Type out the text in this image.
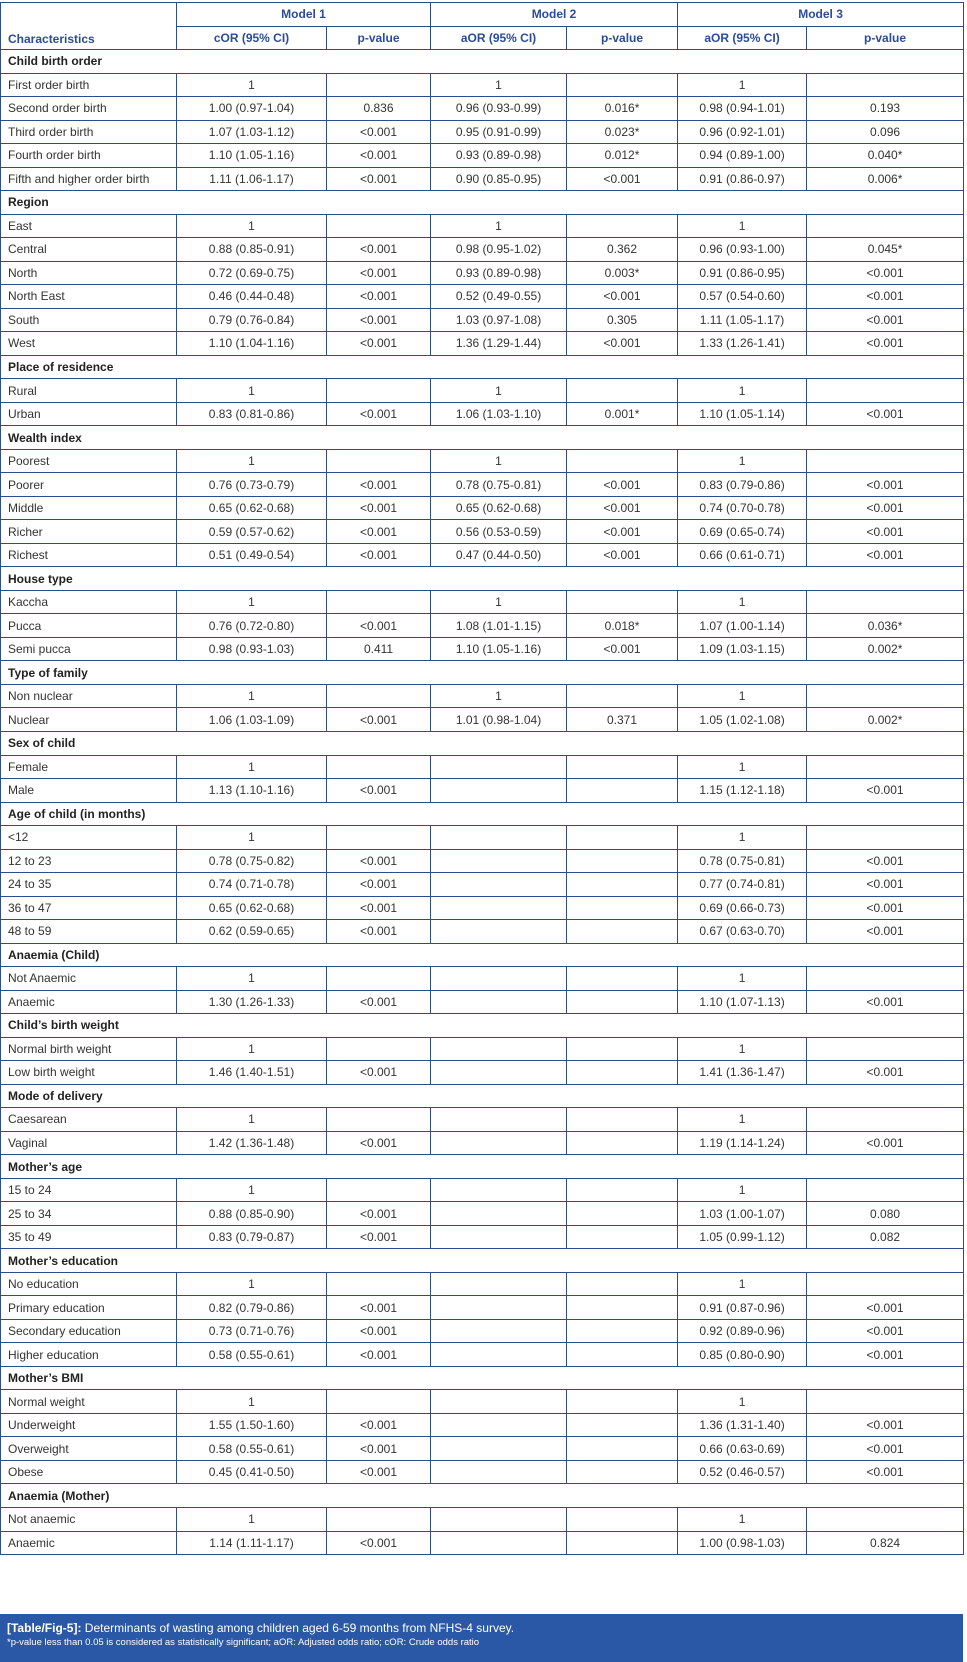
Characteristics	Model 1		Model 2		Model 3	
	cOR (95% CI)	p-value	aOR (95% CI)	p-value	aOR (95% CI)	p-value
Child birth order						
First order birth	1		1		1	
Second order birth	1.00 (0.97-1.04)	0.836	0.96 (0.93-0.99)	0.016*	0.98 (0.94-1.01)	0.193
Third order birth	1.07 (1.03-1.12)	<0.001	0.95 (0.91-0.99)	0.023*	0.96 (0.92-1.01)	0.096
Fourth order birth	1.10 (1.05-1.16)	<0.001	0.93 (0.89-0.98)	0.012*	0.94 (0.89-1.00)	0.040*
Fifth and higher order birth	1.11 (1.06-1.17)	<0.001	0.90 (0.85-0.95)	<0.001	0.91 (0.86-0.97)	0.006*
Region						
East	1		1		1	
Central	0.88 (0.85-0.91)	<0.001	0.98 (0.95-1.02)	0.362	0.96 (0.93-1.00)	0.045*
North	0.72 (0.69-0.75)	<0.001	0.93 (0.89-0.98)	0.003*	0.91 (0.86-0.95)	<0.001
North East	0.46 (0.44-0.48)	<0.001	0.52 (0.49-0.55)	<0.001	0.57 (0.54-0.60)	<0.001
South	0.79 (0.76-0.84)	<0.001	1.03 (0.97-1.08)	0.305	1.11 (1.05-1.17)	<0.001
West	1.10 (1.04-1.16)	<0.001	1.36 (1.29-1.44)	<0.001	1.33 (1.26-1.41)	<0.001
Place of residence						
Rural	1		1		1	
Urban	0.83 (0.81-0.86)	<0.001	1.06 (1.03-1.10)	0.001*	1.10 (1.05-1.14)	<0.001
Wealth index						
Poorest	1		1		1	
Poorer	0.76 (0.73-0.79)	<0.001	0.78 (0.75-0.81)	<0.001	0.83 (0.79-0.86)	<0.001
Middle	0.65 (0.62-0.68)	<0.001	0.65 (0.62-0.68)	<0.001	0.74 (0.70-0.78)	<0.001
Richer	0.59 (0.57-0.62)	<0.001	0.56 (0.53-0.59)	<0.001	0.69 (0.65-0.74)	<0.001
Richest	0.51 (0.49-0.54)	<0.001	0.47 (0.44-0.50)	<0.001	0.66 (0.61-0.71)	<0.001
House type						
Kaccha	1		1		1	
Pucca	0.76 (0.72-0.80)	<0.001	1.08 (1.01-1.15)	0.018*	1.07 (1.00-1.14)	0.036*
Semi pucca	0.98 (0.93-1.03)	0.411	1.10 (1.05-1.16)	<0.001	1.09 (1.03-1.15)	0.002*
Type of family						
Non nuclear	1		1		1	
Nuclear	1.06 (1.03-1.09)	<0.001	1.01 (0.98-1.04)	0.371	1.05 (1.02-1.08)	0.002*
Sex of child						
Female	1				1	
Male	1.13 (1.10-1.16)	<0.001			1.15 (1.12-1.18)	<0.001
Age of child (in months)						
<12	1				1	
12 to 23	0.78 (0.75-0.82)	<0.001			0.78 (0.75-0.81)	<0.001
24 to 35	0.74 (0.71-0.78)	<0.001			0.77 (0.74-0.81)	<0.001
36 to 47	0.65 (0.62-0.68)	<0.001			0.69 (0.66-0.73)	<0.001
48 to 59	0.62 (0.59-0.65)	<0.001			0.67 (0.63-0.70)	<0.001
Anaemia (Child)						
Not Anaemic	1				1	
Anaemic	1.30 (1.26-1.33)	<0.001			1.10 (1.07-1.13)	<0.001
Child’s birth weight						
Normal birth weight	1				1	
Low birth weight	1.46 (1.40-1.51)	<0.001			1.41 (1.36-1.47)	<0.001
Mode of delivery						
Caesarean	1				1	
Vaginal	1.42 (1.36-1.48)	<0.001			1.19 (1.14-1.24)	<0.001
Mother’s age						
15 to 24	1				1	
25 to 34	0.88 (0.85-0.90)	<0.001			1.03 (1.00-1.07)	0.080
35 to 49	0.83 (0.79-0.87)	<0.001			1.05 (0.99-1.12)	0.082
Mother’s education						
No education	1				1	
Primary education	0.82 (0.79-0.86)	<0.001			0.91 (0.87-0.96)	<0.001
Secondary education	0.73 (0.71-0.76)	<0.001			0.92 (0.89-0.96)	<0.001
Higher education	0.58 (0.55-0.61)	<0.001			0.85 (0.80-0.90)	<0.001
Mother’s BMI						
Normal weight	1				1	
Underweight	1.55 (1.50-1.60)	<0.001			1.36 (1.31-1.40)	<0.001
Overweight	0.58 (0.55-0.61)	<0.001			0.66 (0.63-0.69)	<0.001
Obese	0.45 (0.41-0.50)	<0.001			0.52 (0.46-0.57)	<0.001
Anaemia (Mother)						
Not anaemic	1				1	
Anaemic	1.14 (1.11-1.17)	<0.001			1.00 (0.98-1.03)	0.824
[Table/Fig-5]: Determinants of wasting among children aged 6-59 months from NFHS-4 survey.
*p-value less than 0.05 is considered as statistically significant; aOR: Adjusted odds ratio; cOR: Crude odds ratio
